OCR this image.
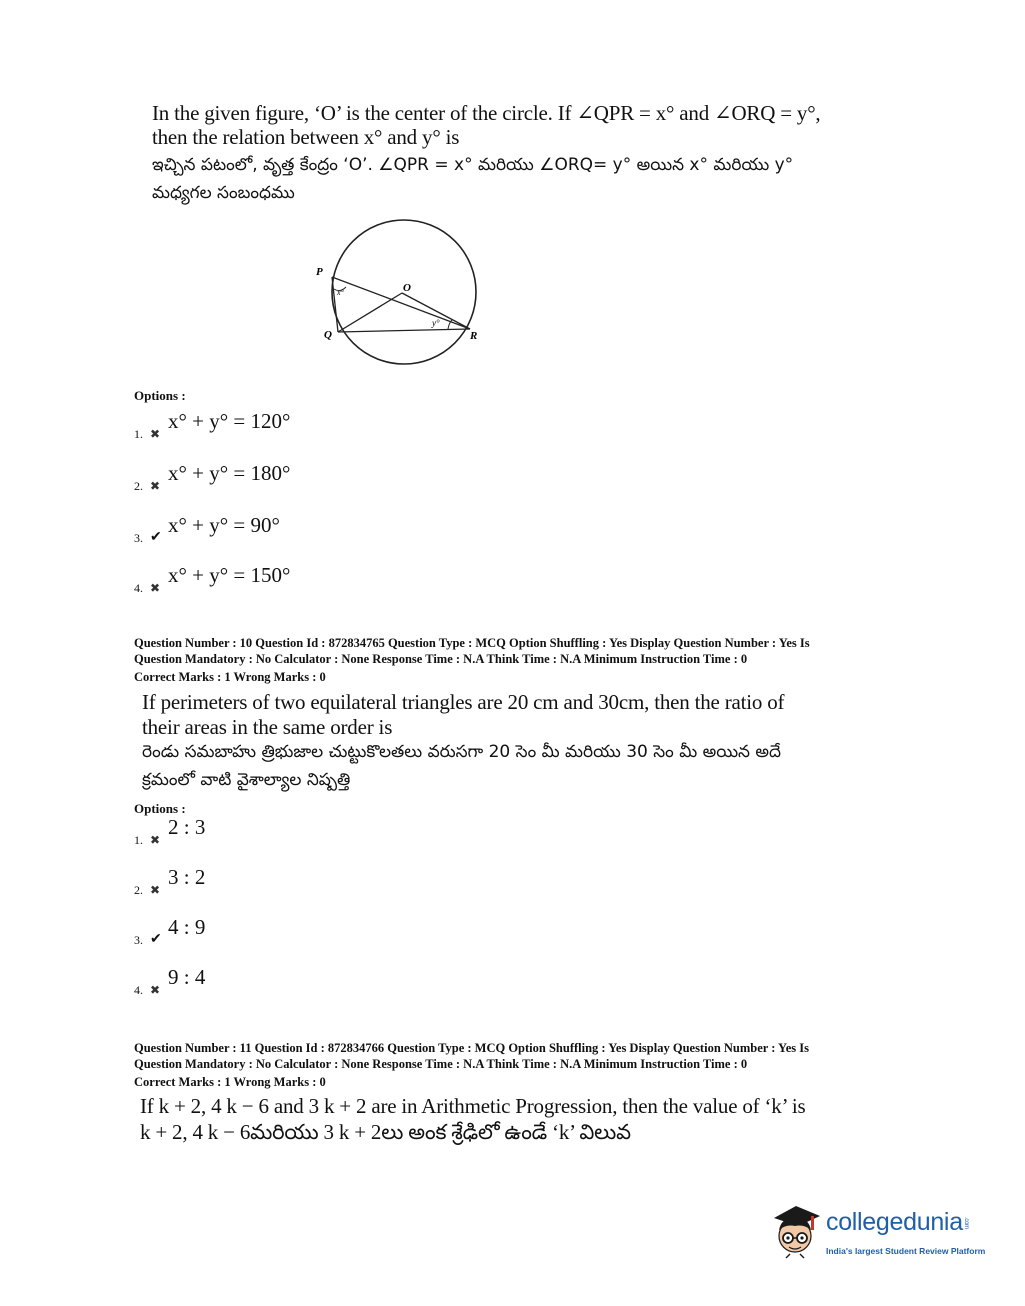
In the given figure, ‘O’ is the center of the circle. If ∠QPR = x° and ∠ORQ = y°,
then the relation between x° and y° is
ఇచ్చిన పటంలో, వృత్త కేంద్రం ‘O’. ∠QPR = x° మరియు ∠ORQ= y° అయిన x° మరియు y°
మధ్యగల సంబంధము
P
Q	R
O
x°
y°
Options :
1. ✖
x° + y° = 120°
2. ✖
x° + y° = 180°
3. ✔
x° + y° = 90°
4. ✖
x° + y° = 150°
Question Number : 10 Question Id : 872834765 Question Type : MCQ Option Shuffling : Yes Display Question Number : Yes Is
Question Mandatory : No Calculator : None Response Time : N.A Think Time : N.A Minimum Instruction Time : 0
Correct Marks : 1 Wrong Marks : 0
If perimeters of two equilateral triangles are 20 cm and 30cm, then the ratio of
their areas in the same order is
రెండు సమబాహు త్రిభుజాల చుట్టుకొలతలు వరుసగా 20 సెం మీ మరియు 30 సెం మీ అయిన అదే
క్రమంలో వాటి వైశాల్యాల నిష్పత్తి
Options :
1. ✖
2 : 3
2. ✖
3 : 2
3. ✔
4 : 9
4. ✖
9 : 4
Question Number : 11 Question Id : 872834766 Question Type : MCQ Option Shuffling : Yes Display Question Number : Yes Is
Question Mandatory : No Calculator : None Response Time : N.A Think Time : N.A Minimum Instruction Time : 0
Correct Marks : 1 Wrong Marks : 0
If k + 2, 4 k − 6 and 3 k + 2 are in Arithmetic Progression, then the value of ‘k’ is
k + 2, 4 k − 6మరియు 3 k + 2లు అంక శ్రేఢిలో ఉండే ‘k’ విలువ
collegedunia.com
India's largest Student Review Platform
